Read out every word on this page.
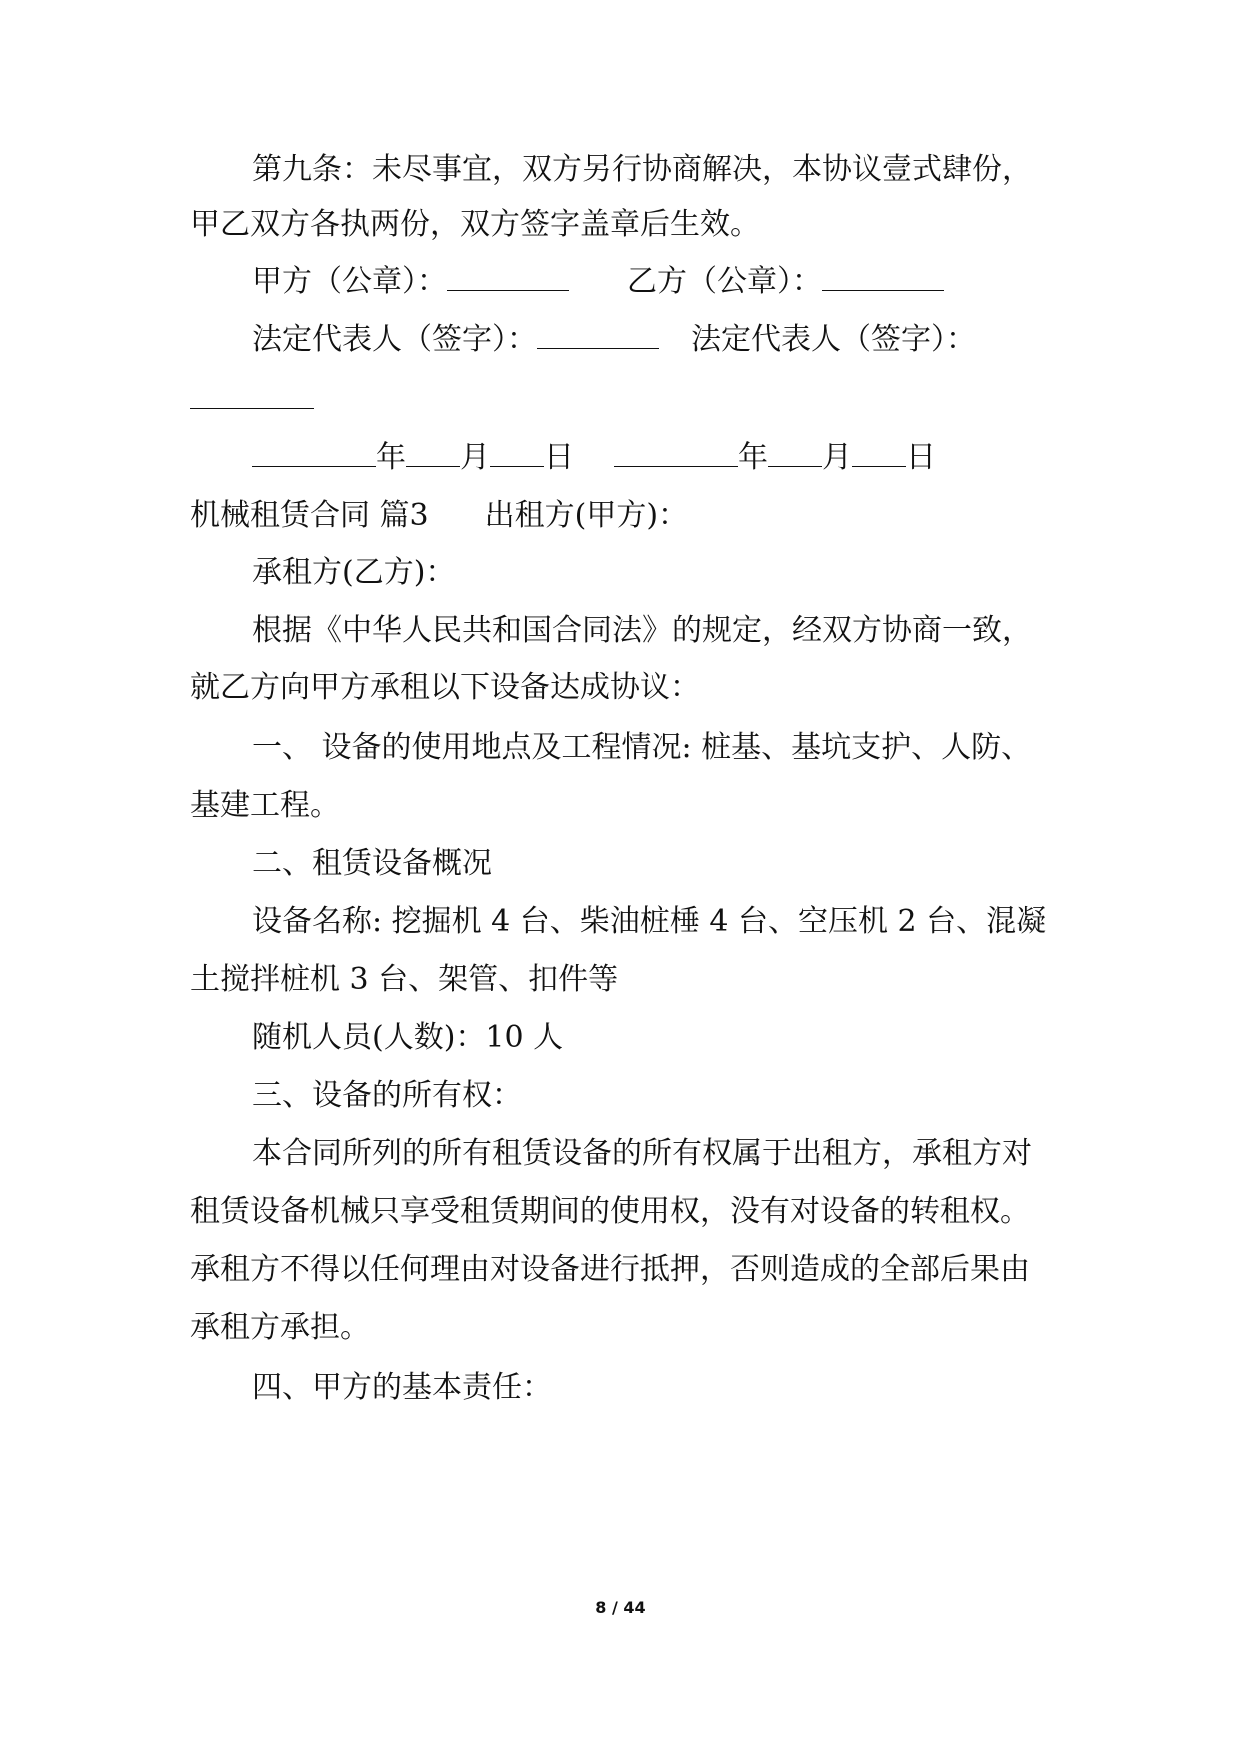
第九条：未尽事宜，双方另行协商解决，本协议壹式肆份，
甲乙双方各执两份，双方签字盖章后生效。
甲方（公章）：	乙方（公章）：
法定代表人（签字）：	法定代表人（签字）：
年 月 日	年 月 日
机械租赁合同 篇3 出租方(甲方)：
承租方(乙方)：
根据《中华人民共和国合同法》的规定，经双方协商一致，
就乙方向甲方承租以下设备达成协议：
一、 设备的使用地点及工程情况: 桩基、基坑支护、人防、
基建工程。
二、租赁设备概况
设备名称: 挖掘机 4 台、柴油桩棰 4 台、空压机 2 台、混凝
土搅拌桩机 3 台、架管、扣件等
随机人员(人数)：10 人
三、设备的所有权：
本合同所列的所有租赁设备的所有权属于出租方，承租方对
租赁设备机械只享受租赁期间的使用权，没有对设备的转租权。
承租方不得以任何理由对设备进行抵押，否则造成的全部后果由
承租方承担。
四、甲方的基本责任：
8 / 44
